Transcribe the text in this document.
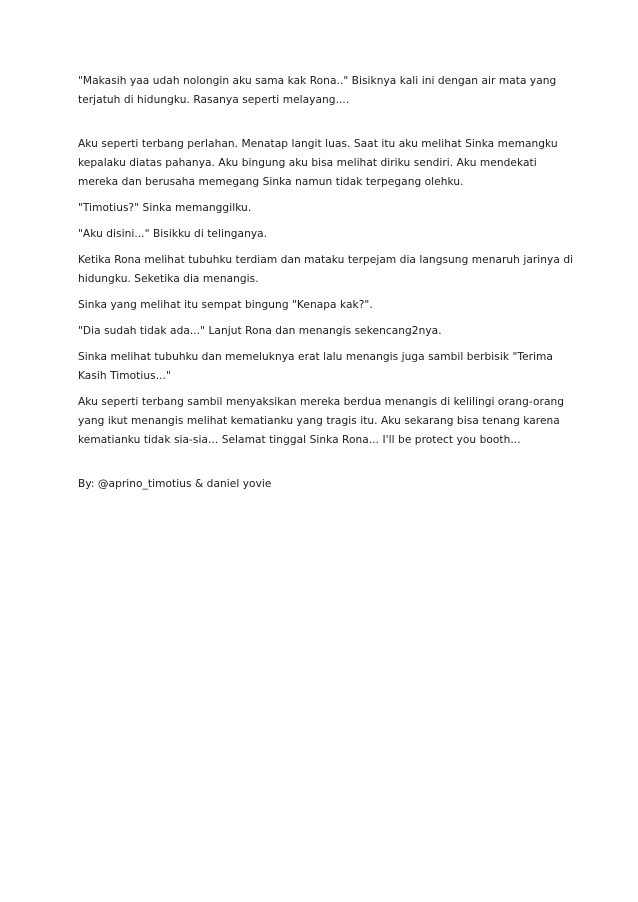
"Makasih yaa udah nolongin aku sama kak Rona.." Bisiknya kali ini dengan air mata yang terjatuh di hidungku. Rasanya seperti melayang....

Aku seperti terbang perlahan. Menatap langit luas. Saat itu aku melihat Sinka memangku kepalaku diatas pahanya. Aku bingung aku bisa melihat diriku sendiri. Aku mendekati mereka dan berusaha memegang Sinka namun tidak terpegang olehku.

"Timotius?" Sinka memanggilku.

"Aku disini..." Bisikku di telinganya.

Ketika Rona melihat tubuhku terdiam dan mataku terpejam dia langsung menaruh jarinya di hidungku. Seketika dia menangis.

Sinka yang melihat itu sempat bingung "Kenapa kak?".

"Dia sudah tidak ada..." Lanjut Rona dan menangis sekencang2nya.

Sinka melihat tubuhku dan memeluknya erat lalu menangis juga sambil berbisik "Terima Kasih Timotius..."

Aku seperti terbang sambil menyaksikan mereka berdua menangis di kelilingi orang-orang yang ikut menangis melihat kematianku yang tragis itu. Aku sekarang bisa tenang karena kematianku tidak sia-sia... Selamat tinggal Sinka Rona... I'll be protect you booth...

By: @aprino_timotius & daniel yovie
